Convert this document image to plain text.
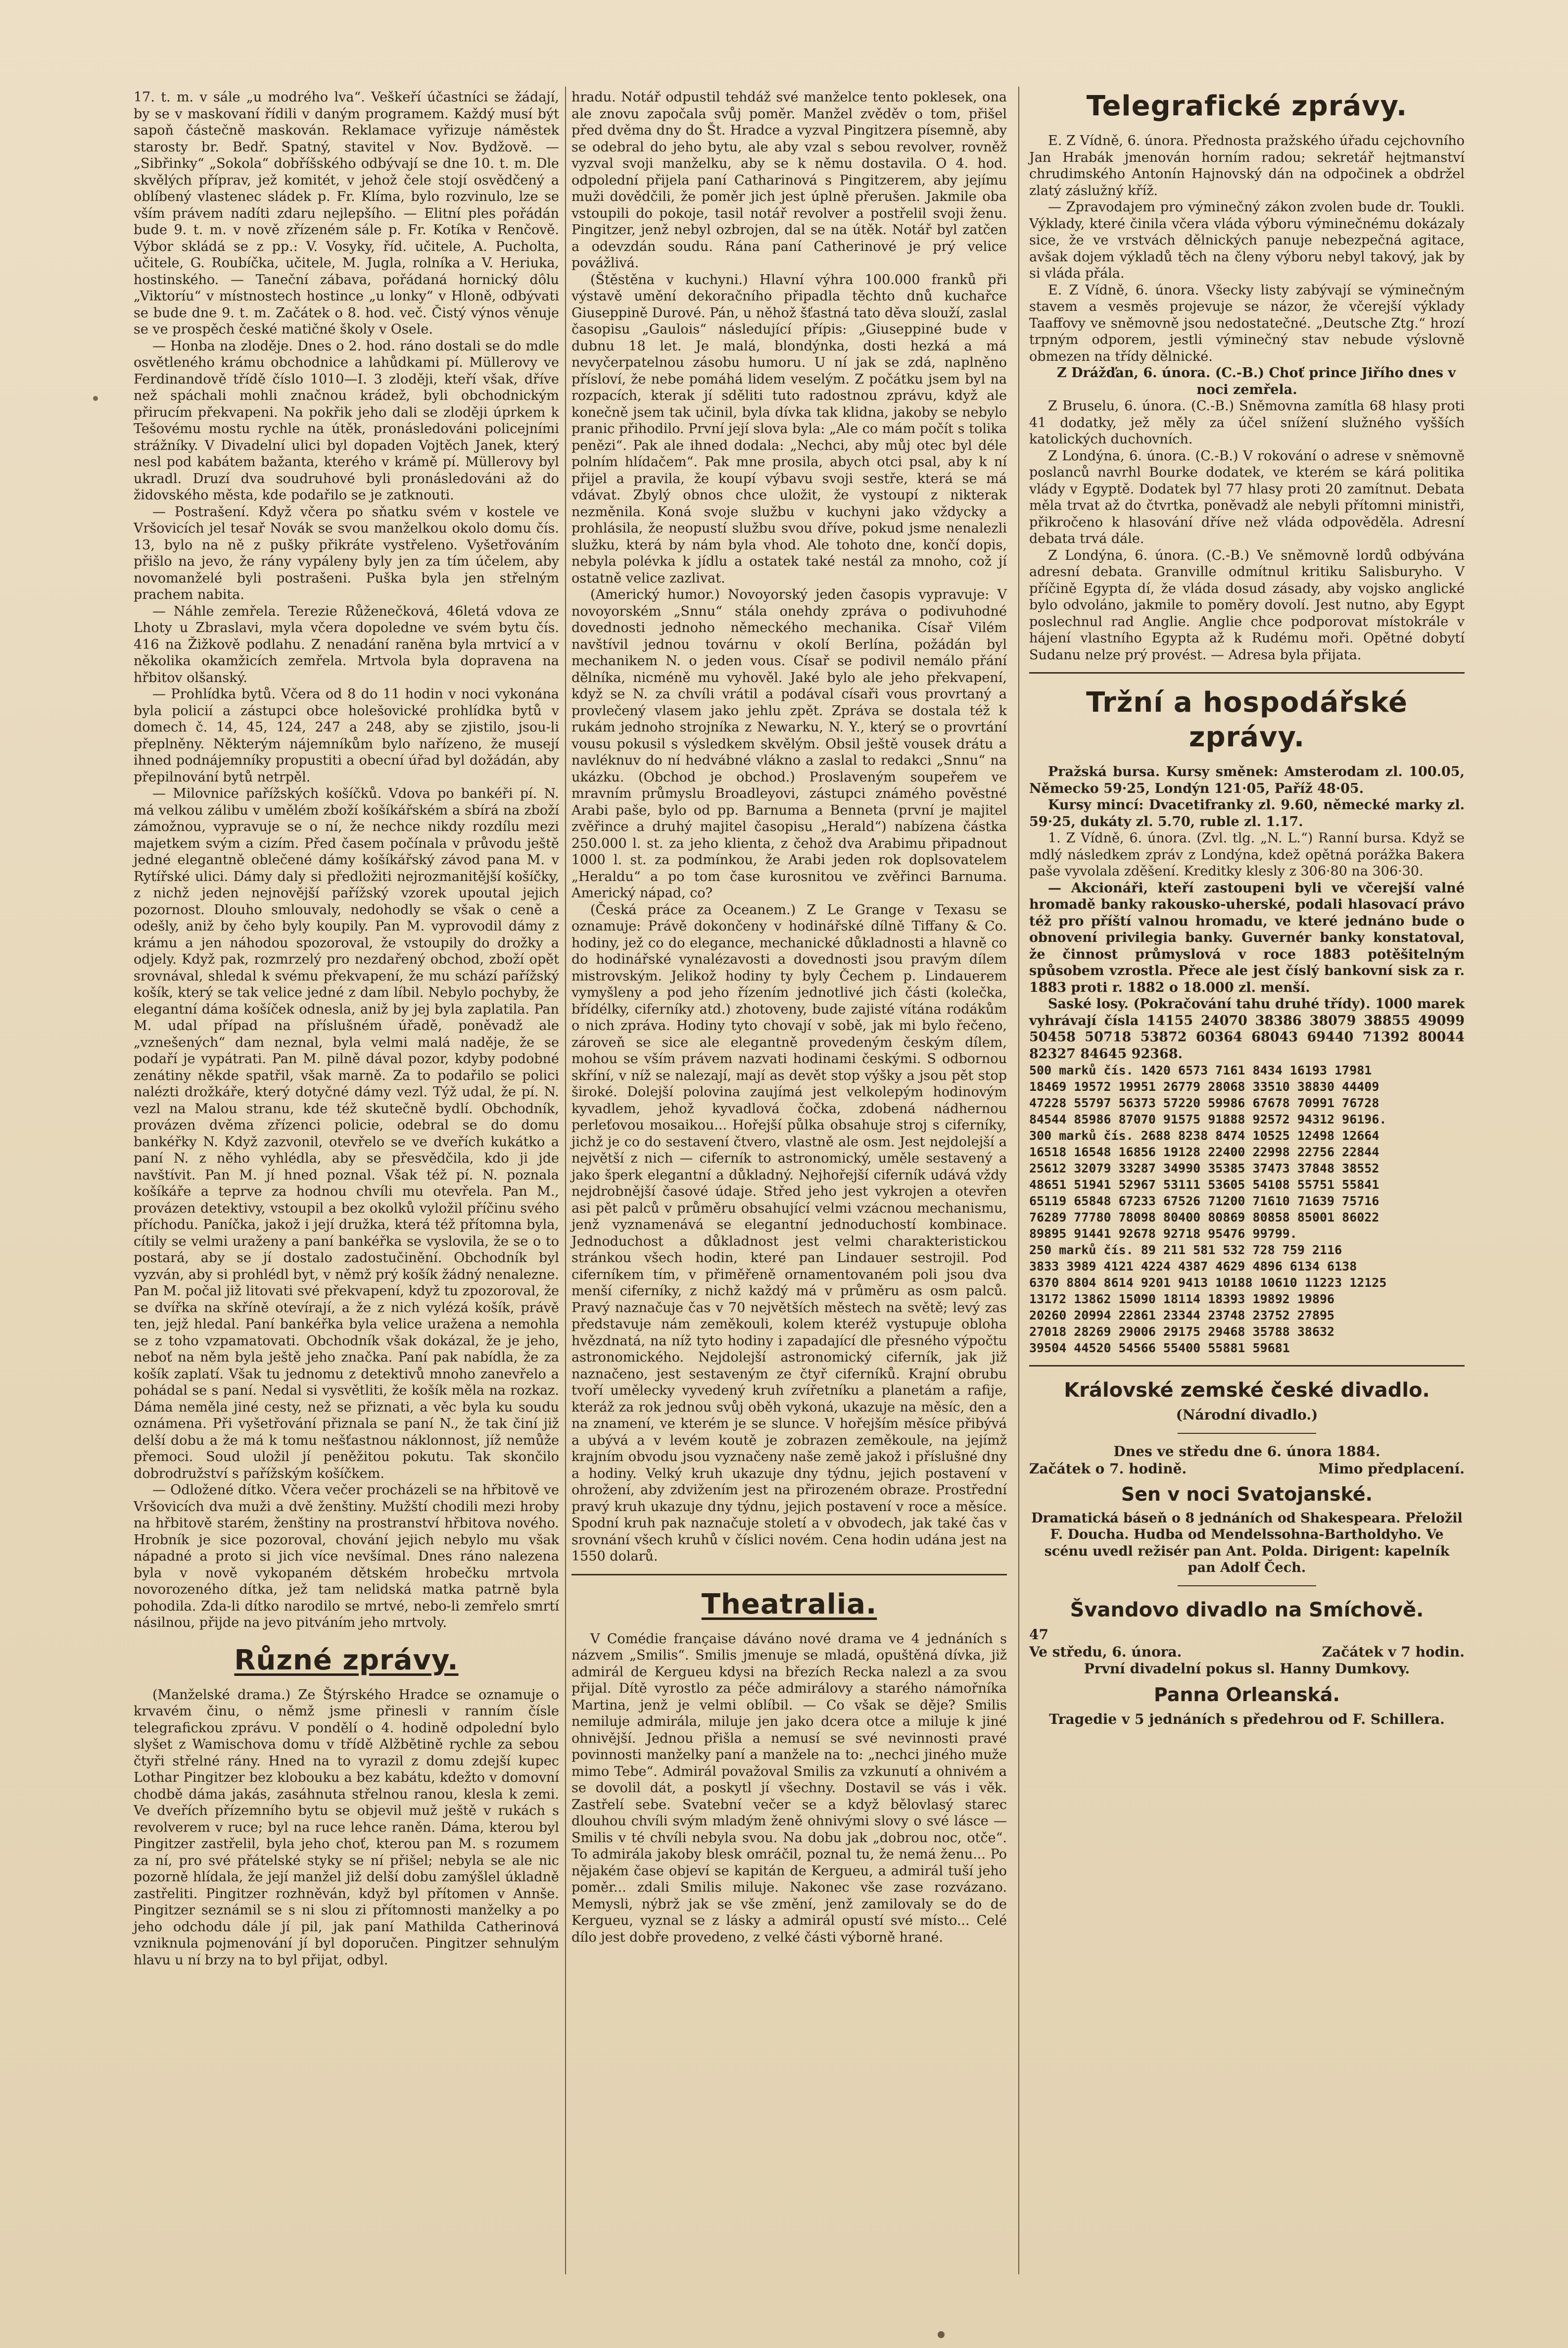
17. t. m. v sále „u modrého lva“. Veškeří účastníci se žádají, by se v maskovaní řídili v daným programem. Každý musí být sapoň částečně maskován. Reklamace vyřizuje náměstek starosty br. Bedř. Spatný, stavitel v Nov. Bydžově. — „Sibřinky“ „Sokola“ dobříšského odbývají se dne 10. t. m. Dle skvělých příprav, jež komitét, v jehož čele stojí osvědčený a oblíbený vlastenec sládek p. Fr. Klíma, bylo rozvinulo, lze se vším právem nadíti zdaru nejlepšího. — Elitní ples pořádán bude 9. t. m. v nově zřízeném sále p. Fr. Kotíka v Renčově. Výbor skládá se z pp.: V. Vosyky, říd. učitele, A. Pucholta, učitele, G. Roubíčka, učitele, M. Jugla, rolníka a V. Heriuka, hostinského. — Taneční zábava, pořádaná hornický dôlu „Viktoríu“ v místnostech hostince „u lonky“ v Hloně, odbývati se bude dne 9. t. m. Začátek o 8. hod. več. Čistý výnos věnuje se ve prospěch české matičné školy v Osele.

— Honba na zloděje. Dnes o 2. hod. ráno dostali se do mdle osvětleného krámu obchodnice a lahůdkami pí. Müllerovy ve Ferdinandově třídě číslo 1010—I. 3 zloději, kteří však, dříve než spáchali mohli značnou krádež, byli obchodnickým přirucím překvapeni. Na pokřik jeho dali se zloději úprkem k Tešovému mostu rychle na útěk, pronásledováni policejními strážníky. V Divadelní ulici byl dopaden Vojtěch Janek, který nesl pod kabátem bažanta, kterého v krámě pí. Müllerovy byl ukradl. Druzí dva soudruhové byli pronásledováni až do židovského města, kde podařilo se je zatknouti.

— Postrašení. Když včera po sňatku svém v kostele ve Vršovicích jel tesař Novák se svou manželkou okolo domu čís. 13, bylo na ně z pušky přikráte vystřeleno. Vyšetřováním přišlo na jevo, že rány vypáleny byly jen za tím účelem, aby novomanželé byli postrašeni. Puška byla jen střelným prachem nabita.

— Náhle zemřela. Terezie Růženečková, 46letá vdova ze Lhoty u Zbraslavi, myla včera dopoledne ve svém bytu čís. 416 na Žižkově podlahu. Z nenadání raněna byla mrtvicí a v několika okamžicích zemřela. Mrtvola byla dopravena na hřbitov olšanský.

— Prohlídka bytů. Včera od 8 do 11 hodin v noci vykonána byla policií a zástupci obce holešovické prohlídka bytů v domech č. 14, 45, 124, 247 a 248, aby se zjistilo, jsou-li přeplněny. Některým nájemníkům bylo nařízeno, že musejí ihned podnájemníky propustiti a obecní úřad byl dožádán, aby přepilnování bytů netrpěl.

— Milovnice pařížských košíčků. Vdova po bankéři pí. N. má velkou zálibu v umělém zboží košíkářském a sbírá na zboží zámožnou, vypravuje se o ní, že nechce nikdy rozdílu mezi majetkem svým a cizím. Před časem počínala v průvodu ještě jedné elegantně oblečené dámy košíkářský závod pana M. v Rytířské ulici. Dámy daly si předložiti nejrozmanitější košíčky, z nichž jeden nejnovější pařížský vzorek upoutal jejich pozornost. Dlouho smlouvaly, nedohodly se však o ceně a odešly, aniž by čeho byly koupily. Pan M. vyprovodil dámy z krámu a jen náhodou spozoroval, že vstoupily do drožky a odjely. Když pak, rozmrzelý pro nezdařený obchod, zboží opět srovnával, shledal k svému překvapení, že mu schází pařížský košík, který se tak velice jedné z dam líbil. Nebylo pochyby, že elegantní dáma košíček odnesla, aniž by jej byla zaplatila. Pan M. udal případ na příslušném úřadě, poněvadž ale „vznešených“ dam neznal, byla velmi malá naděje, že se podaří je vypátrati. Pan M. pilně dával pozor, kdyby podobné zenátiny někde spatřil, však marně. Za to podařilo se polici nalézti drožkáře, který dotyčné dámy vezl. Týž udal, že pí. N. vezl na Malou stranu, kde též skutečně bydlí. Obchodník, provázen dvěma zřízenci policie, odebral se do domu bankéřky N. Když zazvonil, otevřelo se ve dveřích kukátko a paní N. z něho vyhlédla, aby se přesvědčila, kdo ji jde navštívit. Pan M. jí hned poznal. Však též pí. N. poznala košíkáře a teprve za hodnou chvíli mu otevřela. Pan M., provázen detektivy, vstoupil a bez okolků vyložil příčinu svého příchodu. Paníčka, jakož i její družka, která též přítomna byla, cítily se velmi uraženy a paní bankéřka se vyslovila, že se o to postará, aby se jí dostalo zadostučinění. Obchodník byl vyzván, aby si prohlédl byt, v němž prý košík žádný nenalezne. Pan M. počal již litovati své překvapení, když tu zpozoroval, že se dvířka na skříně otevírají, a že z nich vylézá košík, právě ten, jejž hledal. Paní bankéřka byla velice uražena a nemohla se z toho vzpamatovati. Obchodník však dokázal, že je jeho, neboť na něm byla ještě jeho značka. Paní pak nabídla, že za košík zaplatí. Však tu jednomu z detektivů mnoho zanevřelo a pohádal se s paní. Nedal si vysvětliti, že košík měla na rozkaz. Dáma neměla jiné cesty, než se přiznati, a věc byla ku soudu oznámena. Při vyšetřování přiznala se paní N., že tak činí již delší dobu a že má k tomu nešťastnou náklonnost, jíž nemůže přemoci. Soud uložil jí peněžitou pokutu. Tak skončilo dobrodružství s pařížským košíčkem.

— Odložené dítko. Včera večer procházeli se na hřbitově ve Vršovicích dva muži a dvě ženštiny. Mužští chodili mezi hroby na hřbitově starém, ženštiny na prostranství hřbitova nového. Hrobník je sice pozoroval, chování jejich nebylo mu však nápadné a proto si jich více nevšímal. Dnes ráno nalezena byla v nově vykopaném dětském hrobečku mrtvola novorozeného dítka, jež tam nelidská matka patrně byla pohodila. Zda-li dítko narodilo se mrtvé, nebo-li zemřelo smrtí násilnou, přijde na jevo pitváním jeho mrtvoly.

Různé zprávy.

(Manželské drama.) Ze Štýrského Hradce se oznamuje o krvavém činu, o němž jsme přinesli v ranním čísle telegrafickou zprávu. V pondělí o 4. hodině odpolední bylo slyšet z Wamischova domu v třídě Alžbětině rychle za sebou čtyři střelné rány. Hned na to vyrazil z domu zdejší kupec Lothar Pingitzer bez klobouku a bez kabátu, kdežto v domovní chodbě dáma jakás, zasáhnuta střelnou ranou, klesla k zemi. Ve dveřích přízemního bytu se objevil muž ještě v rukách s revolverem v ruce; byl na ruce lehce raněn. Dáma, kterou byl Pingitzer zastřelil, byla jeho choť, kterou pan M. s rozumem za ní, pro své přátelské styky se ní přišel; nebyla se ale nic pozorně hlídala, že její manžel již delší dobu zamýšlel úkladně zastřeliti. Pingitzer rozhněván, když byl přítomen v Annše. Pingitzer seznámil se s ni slou zi přítomnosti manželky a po jeho odchodu dále jí pil, jak paní Mathilda Catherinová vzniknula pojmenování jí byl doporučen. Pingitzer sehnulým hlavu u ní brzy na to byl přijat, odbyl.

hradu. Notář odpustil tehdáž své manželce tento poklesek, ona ale znovu započala svůj poměr. Manžel zvěděv o tom, přišel před dvěma dny do Št. Hradce a vyzval Pingitzera písemně, aby se odebral do jeho bytu, ale aby vzal s sebou revolver, rovněž vyzval svoji manželku, aby se k němu dostavila. O 4. hod. odpolední přijela paní Catharinová s Pingitzerem, aby jejímu muži dovědčili, že poměr jich jest úplně přerušen. Jakmile oba vstoupili do pokoje, tasil notář revolver a postřelil svoji ženu. Pingitzer, jenž nebyl ozbrojen, dal se na útěk. Notář byl zatčen a odevzdán soudu. Rána paní Catherinové je prý velice povážlivá.

(Štěstěna v kuchyni.) Hlavní výhra 100.000 franků při výstavě umění dekoračního připadla těchto dnů kuchařce Giuseppině Durové. Pán, u něhož šťastná tato děva slouží, zaslal časopisu „Gaulois“ následující přípis: „Giuseppiné bude v dubnu 18 let. Je malá, blondýnka, dosti hezká a má nevyčerpatelnou zásobu humoru. U ní jak se zdá, naplněno přísloví, že nebe pomáhá lidem veselým. Z počátku jsem byl na rozpacích, kterak jí sděliti tuto radostnou zprávu, když ale konečně jsem tak učinil, byla dívka tak klidna, jakoby se nebylo pranic přihodilo. První její slova byla: „Ale co mám počít s tolika penězi“. Pak ale ihned dodala: „Nechci, aby můj otec byl déle polním hlídačem“. Pak mne prosila, abych otci psal, aby k ní přijel a pravila, že koupí výbavu svoji sestře, která se má vdávat. Zbylý obnos chce uložit, že vystoupí z nikterak nezměnila. Koná svoje službu v kuchyni jako vždycky a prohlásila, že neopustí službu svou dříve, pokud jsme nenalezli služku, která by nám byla vhod. Ale tohoto dne, končí dopis, nebyla polévka k jídlu a ostatek také nestál za mnoho, což jí ostatně velice zazlivat.

(Americký humor.) Novoyorský jeden časopis vypravuje: V novoyorském „Snnu“ stála onehdy zpráva o podivuhodné dovednosti jednoho německého mechanika. Císař Vilém navštívil jednou továrnu v okolí Berlína, požádán byl mechanikem N. o jeden vous. Císař se podivil nemálo přání dělníka, nicméně mu vyhověl. Jaké bylo ale jeho překvapení, když se N. za chvíli vrátil a podával císaři vous provrtaný a provlečený vlasem jako jehlu zpět. Zpráva se dostala též k rukám jednoho strojníka z Newarku, N. Y., který se o provrtání vousu pokusil s výsledkem skvělým. Obsil ještě vousek drátu a navléknuv do ní hedvábné vlákno a zaslal to redakci „Snnu“ na ukázku. (Obchod je obchod.) Proslaveným soupeřem ve mravním průmyslu Broadleyovi, zástupci známého pověstné Arabi paše, bylo od pp. Barnuma a Benneta (první je majitel zvěřince a druhý majitel časopisu „Herald“) nabízena částka 250.000 l. st. za jeho klienta, z čehož dva Arabimu připadnout 1000 l. st. za podmínkou, že Arabi jeden rok doplsovatelem „Heraldu“ a po tom čase kurosnitou ve zvěřinci Barnuma. Americký nápad, co?

(Česká práce za Oceanem.) Z Le Grange v Texasu se oznamuje: Právě dokončeny v hodinářské dílně Tiffany & Co. hodiny, jež co do elegance, mechanické důkladnosti a hlavně co do hodinářské vynalézavosti a dovednosti jsou pravým dílem mistrovským. Jelikož hodiny ty byly Čechem p. Lindauerem vymyšleny a pod jeho řízením jednotlivé jich části (kolečka, břídélky, ciferníky atd.) zhotoveny, bude zajisté vítána rodákům o nich zpráva. Hodiny tyto chovají v sobě, jak mi bylo řečeno, zároveň se sice ale elegantně provedeným českým dílem, mohou se vším právem nazvati hodinami českými. S odbornou skříní, v níž se nalezají, mají as devět stop výšky a jsou pět stop široké. Dolejší polovina zaujímá jest velkolepým hodinovým kyvadlem, jehož kyvadlová čočka, zdobená nádhernou perleťovou mosaikou... Hořejší půlka obsahuje stroj s ciferníky, jichž je co do sestavení čtvero, vlastně ale osm. Jest nejdolejší a největší z nich — ciferník to astronomický, uměle sestavený a jako šperk elegantní a důkladný. Nejhořejší ciferník udává vždy nejdrobnější časové údaje. Střed jeho jest vykrojen a otevřen asi pět palců v průměru obsahující velmi vzácnou mechanismu, jenž vyznamenává se elegantní jednoduchostí kombinace. Jednoduchost a důkladnost jest velmi charakteristickou stránkou všech hodin, které pan Lindauer sestrojil. Pod ciferníkem tím, v přiměřeně ornamentovaném poli jsou dva menší ciferníky, z nichž každý má v průměru as osm palců. Pravý naznačuje čas v 70 největších městech na světě; levý zas představuje nám zeměkouli, kolem kteréž vystupuje obloha hvězdnatá, na níž tyto hodiny i zapadající dle přesného výpočtu astronomického. Nejdolejší astronomický ciferník, jak již naznačeno, jest sestaveným ze čtyř ciferníků. Krajní obrubu tvoří umělecky vyvedený kruh zvířetníku a planetám a rafije, kteráž za rok jednou svůj oběh vykoná, ukazuje na měsíc, den a na znamení, ve kterém je se slunce. V hořejším měsíce přibývá a ubývá a v levém koutě je zobrazen zeměkoule, na jejímž krajním obvodu jsou vyznačeny naše země jakož i příslušné dny a hodiny. Velký kruh ukazuje dny týdnu, jejich postavení v ohrožení, aby zdvižením jest na přirozeném obraze. Prostřední pravý kruh ukazuje dny týdnu, jejich postavení v roce a měsíce. Spodní kruh pak naznačuje století a v obvodech, jak také čas v srovnání všech kruhů v číslici novém. Cena hodin udána jest na 1550 dolarů.

Theatralia.

V Comédie française dáváno nové drama ve 4 jednáních s názvem „Smilis“. Smilis jmenuje se mladá, opuštěná dívka, již admirál de Kergueu kdysi na březích Recka nalezl a za svou přijal. Dítě vyrostlo za péče admirálovy a starého námořníka Martina, jenž je velmi oblíbil. — Co však se děje? Smilis nemiluje admirála, miluje jen jako dcera otce a miluje k jiné ohnivější. Jednou přišla a nemusí se své nevinnosti pravé povinnosti manželky paní a manžele na to: „nechci jiného muže mimo Tebe“. Admirál považoval Smilis za vzkunutí a ohnivém a se dovolil dát, a poskytl jí všechny. Dostavil se vás i věk. Zastřelí sebe. Svatební večer se a když bělovlasý starec dlouhou chvíli svým mladým ženě ohnivými slovy o své lásce — Smilis v té chvíli nebyla svou. Na dobu jak „dobrou noc, otče“. To admirála jakoby blesk omráčil, poznal tu, že nemá ženu... Po nějakém čase objeví se kapitán de Kergueu, a admirál tuší jeho poměr... zdali Smilis miluje. Nakonec vše zase rozvázano. Memysli, nýbrž jak se vše změní, jenž zamilovaly se do de Kergueu, vyznal se z lásky a admirál opustí své místo... Celé dílo jest dobře provedeno, z velké části výborně hrané.

Telegrafické zprávy.

E. Z Vídně, 6. února. Přednosta pražského úřadu cejchovního Jan Hrabák jmenován horním radou; sekretář hejtmanství chrudimského Antonín Hajnovský dán na odpočinek a obdržel zlatý záslužný kříž.

— Zpravodajem pro výminečný zákon zvolen bude dr. Toukli. Výklady, které činila včera vláda výboru výminečnému dokázaly sice, že ve vrstvách dělnických panuje nebezpečná agitace, avšak dojem výkladů těch na členy výboru nebyl takový, jak by si vláda přála.

E. Z Vídně, 6. února. Všecky listy zabývají se výminečným stavem a vesměs projevuje se názor, že včerejší výklady Taaffovy ve sněmovně jsou nedostatečné. „Deutsche Ztg.“ hrozí trpným odporem, jestli výminečný stav nebude výslovně obmezen na třídy dělnické.

Z Drážďan, 6. února. (C.-B.) Choť prince Jiřího dnes v noci zemřela.

Z Bruselu, 6. února. (C.-B.) Sněmovna zamítla 68 hlasy proti 41 dodatky, jež měly za účel snížení služného vyšších katolických duchovních.

Z Londýna, 6. února. (C.-B.) V rokování o adrese v sněmovně poslanců navrhl Bourke dodatek, ve kterém se kárá politika vlády v Egyptě. Dodatek byl 77 hlasy proti 20 zamítnut. Debata měla trvat až do čtvrtka, poněvadž ale nebyli přítomni ministři, přikročeno k hlasování dříve než vláda odpověděla. Adresní debata trvá dále.

Z Londýna, 6. února. (C.-B.) Ve sněmovně lordů odbývána adresní debata. Granville odmítnul kritiku Salisburyho. V příčině Egypta dí, že vláda dosud zásady, aby vojsko anglické bylo odvoláno, jakmile to poměry dovolí. Jest nutno, aby Egypt poslechnul rad Anglie. Anglie chce podporovat místokrále v hájení vlastního Egypta až k Rudému moři. Opětné dobytí Sudanu nelze prý provést. — Adresa byla přijata.

Tržní a hospodářské zprávy.

Pražská bursa. Kursy směnek: Amsterodam zl. 100.05, Německo 59·25, Londýn 121·05, Paříž 48·05.

Kursy mincí: Dvacetifranky zl. 9.60, německé marky zl. 59·25, dukáty zl. 5.70, ruble zl. 1.17.

1. Z Vídně, 6. února. (Zvl. tlg. „N. L.“) Ranní bursa. Když se mdlý následkem zpráv z Londýna, kdež opětná porážka Bakera paše vyvolala zděšení. Kreditky klesly z 306·80 na 306·30.

— Akcionáři, kteří zastoupeni byli ve včerejší valné hromadě banky rakousko-uherské, podali hlasovací právo též pro příští valnou hromadu, ve které jednáno bude o obnovení privilegia banky. Guvernér banky konstatoval, že činnost průmyslová v roce 1883 potěšitelným spůsobem vzrostla. Přece ale jest číslý bankovní sisk za r. 1883 proti r. 1882 o 18.000 zl. menší.

Saské losy. (Pokračování tahu druhé třídy). 1000 marek vyhrávají čísla 14155 24070 38386 38079 38855 49099 50458 50718 53872 60364 68043 69440 71392 80044 82327 84645 92368.

500 marků čís. 1420 6573 7161 8434 16193 17981
18469 19572 19951 26779 28068 33510 38830 44409
47228 55797 56373 57220 59986 67678 70991 76728
84544 85986 87070 91575 91888 92572 94312 96196.
300 marků čís. 2688 8238 8474 10525 12498 12664
16518 16548 16856 19128 22400 22998 22756 22844
25612 32079 33287 34990 35385 37473 37848 38552
48651 51941 52967 53111 53605 54108 55751 55841
65119 65848 67233 67526 71200 71610 71639 75716
76289 77780 78098 80400 80869 80858 85001 86022
89895 91441 92678 92718 95476 99799.
250 marků čís. 89 211 581 532 728 759 2116
3833 3989 4121 4224 4387 4629 4896 6134 6138
6370 8804 8614 9201 9413 10188 10610 11223 12125
13172 13862 15090 18114 18393 19892 19896
20260 20994 22861 23344 23748 23752 27895
27018 28269 29006 29175 29468 35788 38632
39504 44520 54566 55400 55881 59681
Královské zemské české divadlo.
(Národní divadlo.)
Dnes ve středu dne 6. února 1884.
Začátek o 7. hodině.	Mimo předplacení.
Sen v noci Svatojanské.

Dramatická báseň o 8 jednáních od Shakespeara. Přeložil F. Doucha. Hudba od Mendelssohna-Bartholdyho. Ve scénu uvedl režisér pan Ant. Polda. Dirigent: kapelník pan Adolf Čech.

Švandovo divadlo na Smíchově.
47
Ve středu, 6. února.	Začátek v 7 hodin.
První divadelní pokus sl. Hanny Dumkovy.
Panna Orleanská.
Tragedie v 5 jednáních s předehrou od F. Schillera.
